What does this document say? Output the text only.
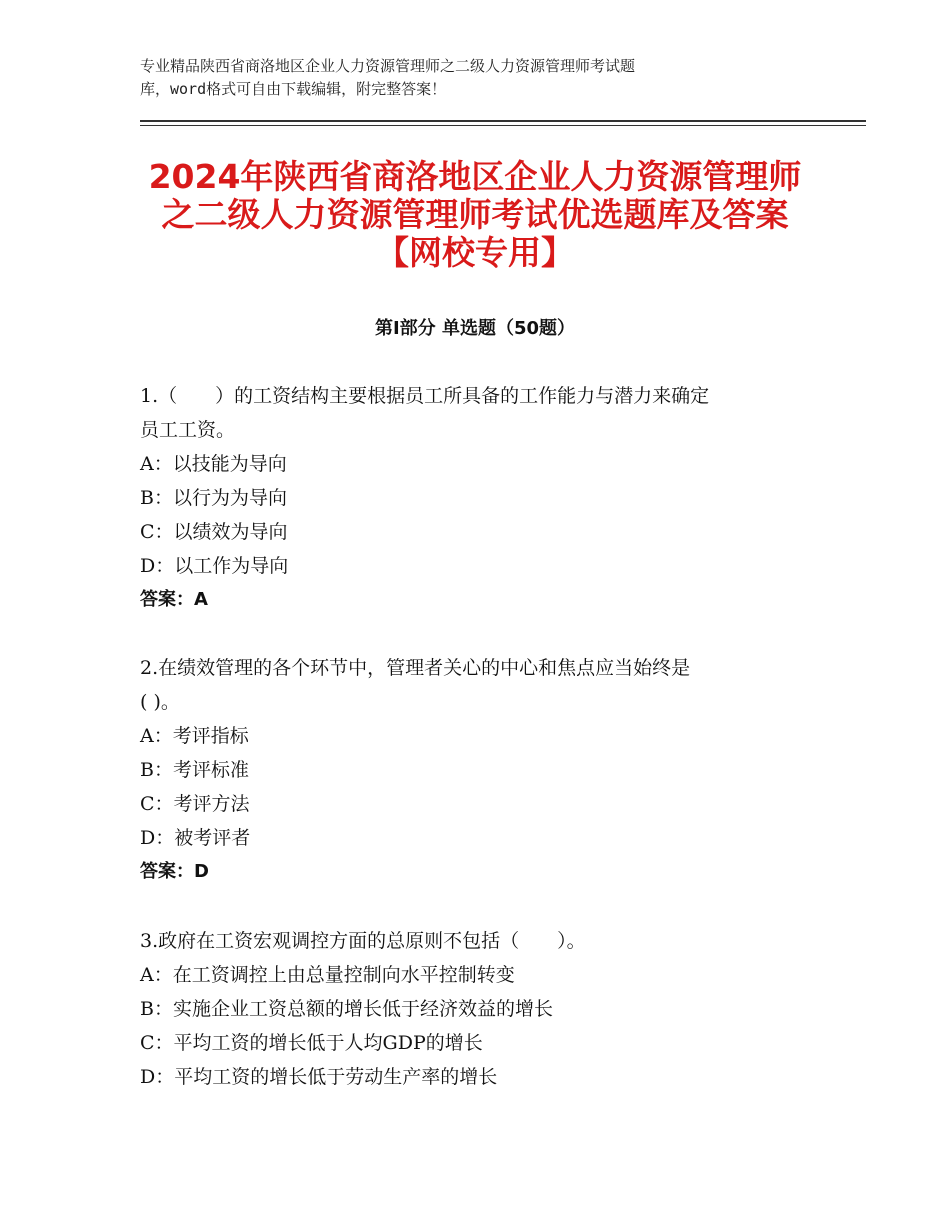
专业精品陕西省商洛地区企业人力资源管理师之二级人力资源管理师考试题
库，word格式可自由下载编辑，附完整答案！
2024年陕西省商洛地区企业人力资源管理师
之二级人力资源管理师考试优选题库及答案
【网校专用】
第Ⅰ部分 单选题（50题）
1.（　　）的工资结构主要根据员工所具备的工作能力与潜力来确定
员工工资。
A：以技能为导向
B：以行为为导向
C：以绩效为导向
D：以工作为导向
答案：A
2.在绩效管理的各个环节中，管理者关心的中心和焦点应当始终是
( )。
A：考评指标
B：考评标准
C：考评方法
D：被考评者
答案：D
3.政府在工资宏观调控方面的总原则不包括（　　）。
A：在工资调控上由总量控制向水平控制转变
B：实施企业工资总额的增长低于经济效益的增长
C：平均工资的增长低于人均GDP的增长
D：平均工资的增长低于劳动生产率的增长
